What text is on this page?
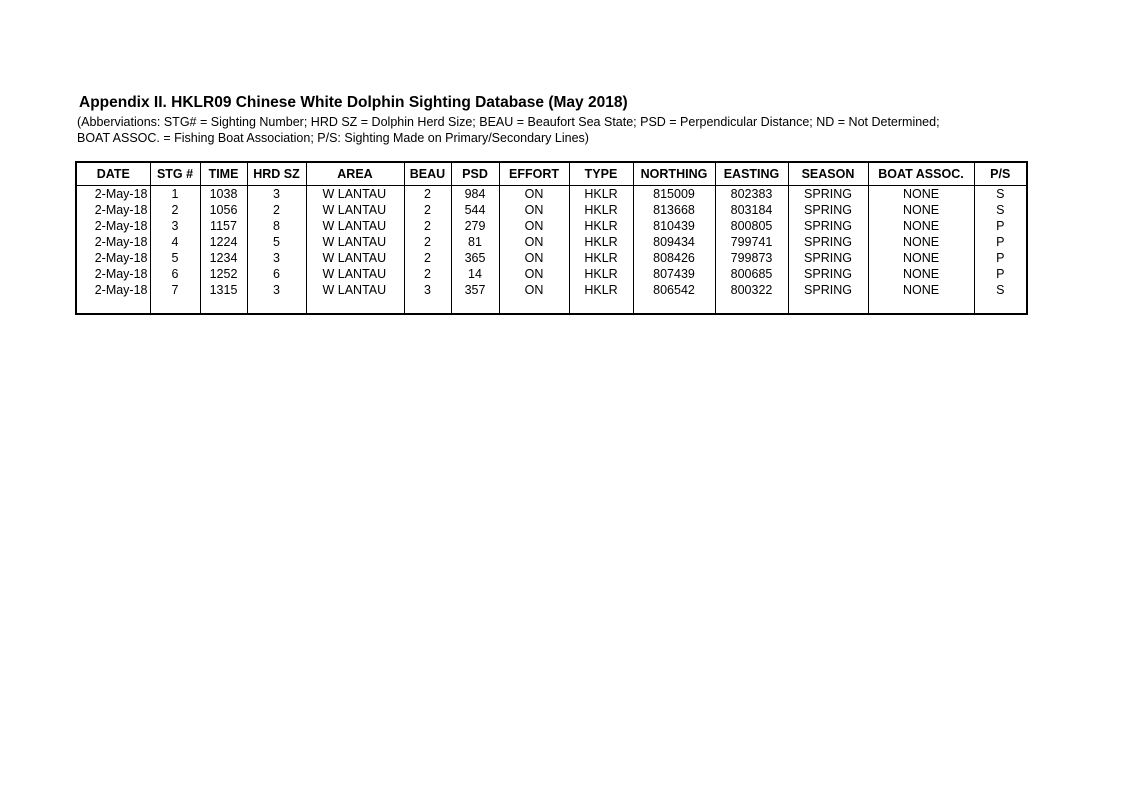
Appendix II. HKLR09 Chinese White Dolphin Sighting Database (May 2018)
(Abberviations: STG# = Sighting Number; HRD SZ = Dolphin Herd Size; BEAU = Beaufort Sea State; PSD = Perpendicular Distance; ND = Not Determined;
BOAT ASSOC. = Fishing Boat Association; P/S: Sighting Made on Primary/Secondary Lines)
DATE	STG #	TIME	HRD SZ	AREA	BEAU	PSD	EFFORT	TYPE	NORTHING	EASTING	SEASON	BOAT ASSOC.	P/S
2-May-18	1	1038	3	W LANTAU	2	984	ON	HKLR	815009	802383	SPRING	NONE	S
2-May-18	2	1056	2	W LANTAU	2	544	ON	HKLR	813668	803184	SPRING	NONE	S
2-May-18	3	1157	8	W LANTAU	2	279	ON	HKLR	810439	800805	SPRING	NONE	P
2-May-18	4	1224	5	W LANTAU	2	81	ON	HKLR	809434	799741	SPRING	NONE	P
2-May-18	5	1234	3	W LANTAU	2	365	ON	HKLR	808426	799873	SPRING	NONE	P
2-May-18	6	1252	6	W LANTAU	2	14	ON	HKLR	807439	800685	SPRING	NONE	P
2-May-18	7	1315	3	W LANTAU	3	357	ON	HKLR	806542	800322	SPRING	NONE	S
